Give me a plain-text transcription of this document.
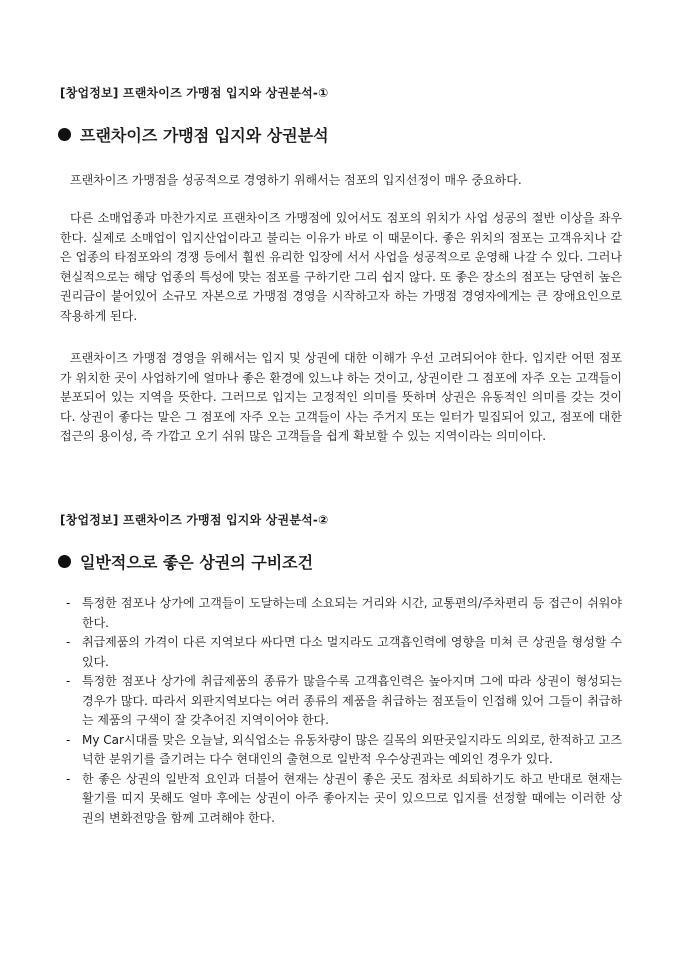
[창업정보] 프랜차이즈 가맹점 입지와 상권분석-①
프랜차이즈 가맹점 입지와 상권분석
프랜차이즈 가맹점을 성공적으로 경영하기 위해서는 점포의 입지선정이 매우 중요하다.
다른 소매업종과 마찬가지로 프랜차이즈 가맹점에 있어서도 점포의 위치가 사업 성공의 절반 이상을 좌우한다. 실제로 소매업이 입지산업이라고 불리는 이유가 바로 이 때문이다. 좋은 위치의 점포는 고객유치나 같은 업종의 타점포와의 경쟁 등에서 훨씬 유리한 입장에 서서 사업을 성공적으로 운영해 나갈 수 있다. 그러나 현실적으로는 해당 업종의 특성에 맞는 점포를 구하기란 그리 쉽지 않다. 또 좋은 장소의 점포는 당연히 높은 권리금이 붙어있어 소규모 자본으로 가맹점 경영을 시작하고자 하는 가맹점 경영자에게는 큰 장애요인으로 작용하게 된다.
프랜차이즈 가맹점 경영을 위해서는 입지 및 상권에 대한 이해가 우선 고려되어야 한다. 입지란 어떤 점포가 위치한 곳이 사업하기에 얼마나 좋은 환경에 있느냐 하는 것이고, 상권이란 그 점포에 자주 오는 고객들이 분포되어 있는 지역을 뜻한다. 그러므로 입지는 고정적인 의미를 뜻하며 상권은 유동적인 의미를 갖는 것이다. 상권이 좋다는 말은 그 점포에 자주 오는 고객들이 사는 주거지 또는 일터가 밀집되어 있고, 점포에 대한 접근의 용이성, 즉 가깝고 오기 쉬워 많은 고객들을 쉽게 확보할 수 있는 지역이라는 의미이다.
[창업정보] 프랜차이즈 가맹점 입지와 상권분석-②
일반적으로 좋은 상권의 구비조건
- 특정한 점포나 상가에 고객들이 도달하는데 소요되는 거리와 시간, 교통편의/주차편리 등 접근이 쉬워야 한다.
- 취급제품의 가격이 다른 지역보다 싸다면 다소 멀지라도 고객흡인력에 영향을 미쳐 큰 상권을 형성할 수 있다.
- 특정한 점포나 상가에 취급제품의 종류가 많을수록 고객흡인력은 높아지며 그에 따라 상권이 형성되는 경우가 많다. 따라서 외판지역보다는 여러 종류의 제품을 취급하는 점포들이 인접해 있어 그들이 취급하는 제품의 구색이 잘 갖추어진 지역이어야 한다.
- My Car시대를 맞은 오늘날, 외식업소는 유동차량이 많은 길목의 외딴곳일지라도 의외로, 한적하고 고즈넉한 분위기를 즐기려는 다수 현대인의 출현으로 일반적 우수상권과는 예외인 경우가 있다.
- 한 좋은 상권의 일반적 요인과 더불어 현재는 상권이 좋은 곳도 점차로 쇠퇴하기도 하고 반대로 현재는 활기를 띠지 못해도 얼마 후에는 상권이 아주 좋아지는 곳이 있으므로 입지를 선정할 때에는 이러한 상권의 변화전망을 함께 고려해야 한다.
